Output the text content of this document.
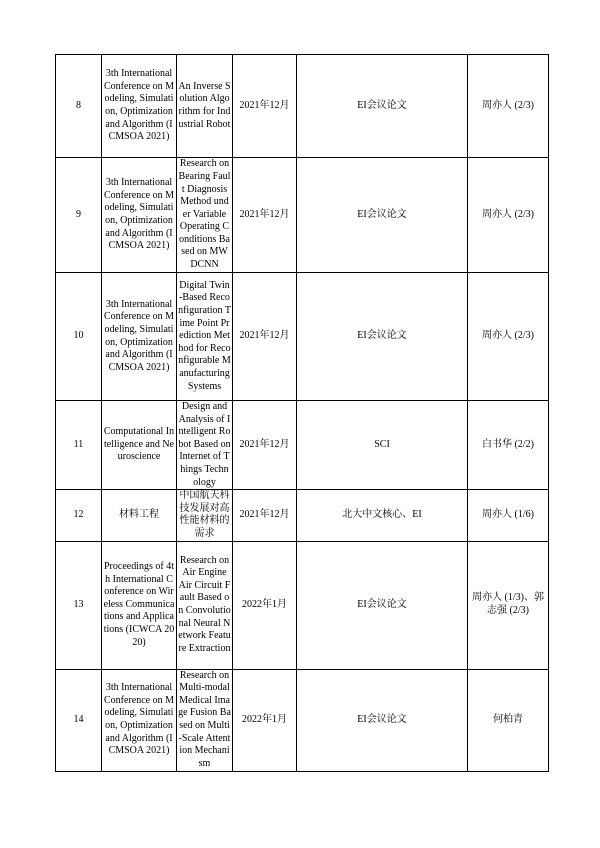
8	3th International Conference on Modeling, Simulation, Optimization and Algorithm (ICMSOA 2021)	An Inverse Solution Algorithm for Industrial Robot	2021年12月	EI会议论文	周亦人 (2/3)
9	3th International Conference on Modeling, Simulation, Optimization and Algorithm (ICMSOA 2021)	Research on Bearing Fault Diagnosis Method under Variable Operating Conditions Based on MWDCNN	2021年12月	EI会议论文	周亦人 (2/3)
10	3th International Conference on Modeling, Simulation, Optimization and Algorithm (ICMSOA 2021)	Digital Twin-Based Reconfiguration Time Point Prediction Method for Reconfigurable Manufacturing Systems	2021年12月	EI会议论文	周亦人 (2/3)
11	Computational Intelligence and Neuroscience	Design and Analysis of Intelligent Robot Based on Internet of Things Technology	2021年12月	SCI	白书华 (2/2)
12	材料工程	中国航天科技发展对高性能材料的需求	2021年12月	北大中文核心、EI	周亦人 (1/6)
13	Proceedings of 4th International Conference on Wireless Communications and Applications (ICWCA 2020)	Research on Air Engine Air Circuit Fault Based on Convolutional Neural Network Feature Extraction	2022年1月	EI会议论文	周亦人 (1/3)、郭志强 (2/3)
14	3th International Conference on Modeling, Simulation, Optimization and Algorithm (ICMSOA 2021)	Research on Multi-modal Medical Image Fusion Based on Multi-Scale Attention Mechanism	2022年1月	EI会议论文	何柏青
